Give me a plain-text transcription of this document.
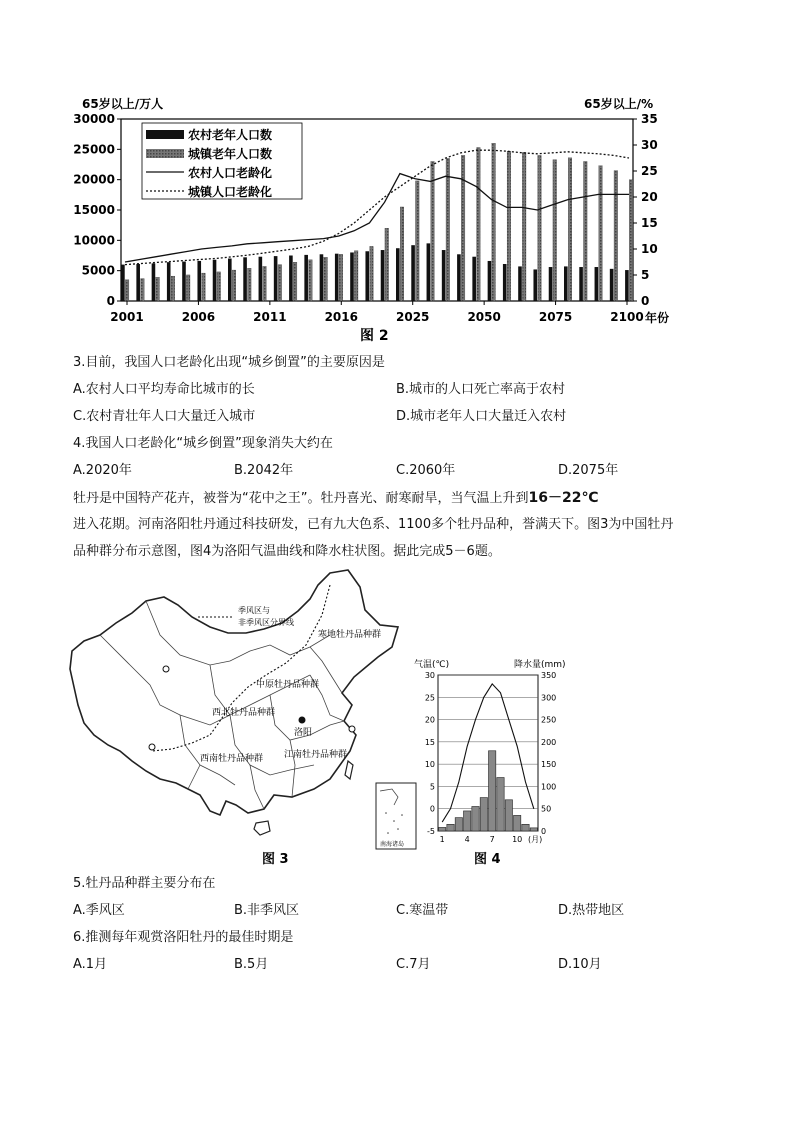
65岁以上/万人	65岁以上/%
0
5000
10000
15000
20000
25000
30000
0
5
10
15
20
25
30
35
2001	2006	2011	2016	2025	2050	2075	2100
农村老年人口数
城镇老年人口数
农村人口老龄化
城镇人口老龄化
年份
图 2
3.目前，我国人口老龄化出现“城乡倒置”的主要原因是
A.农村人口平均寿命比城市的长	B.城市的人口死亡率高于农村
C.农村青壮年人口大量迁入城市	D.城市老年人口大量迁入农村
4.我国人口老龄化“城乡倒置”现象消失大约在
A.2020年	B.2042年	C.2060年	D.2075年
牡丹是中国特产花卉，被誉为“花中之王”。牡丹喜光、耐寒耐旱，当气温上升到16－22℃
进入花期。河南洛阳牡丹通过科技研发，已有九大色系、1100多个牡丹品种，誉满天下。图3为中国牡丹
品种群分布示意图，图4为洛阳气温曲线和降水柱状图。据此完成5－6题。
季风区与
非季风区分界线
寒地牡丹品种群
中原牡丹品种群
西北牡丹品种群
西南牡丹品种群 江南牡丹品种群
洛阳
南海诸岛
图 3
气温(℃)	降水量(mm)
30
25
20
15
10
5
0
-5
350
300
250
200
150
100
50
0
1 4 7 10 (月)
图 4
5.牡丹品种群主要分布在
A.季风区	B.非季风区	C.寒温带	D.热带地区
6.推测每年观赏洛阳牡丹的最佳时期是
A.1月	B.5月	C.7月	D.10月
